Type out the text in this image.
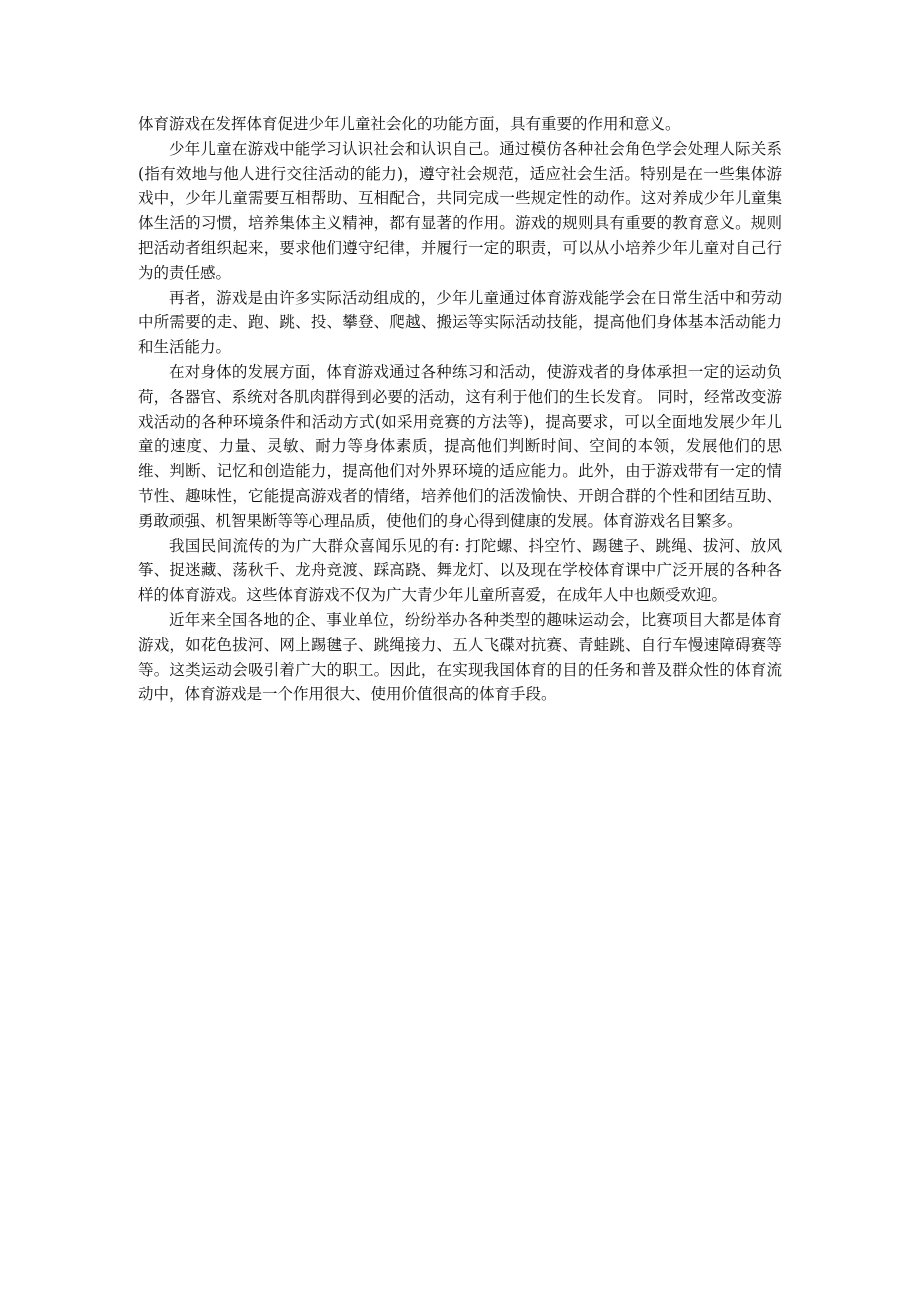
体育游戏在发挥体育促进少年儿童社会化的功能方面，具有重要的作用和意义。

少年儿童在游戏中能学习认识社会和认识自己。通过模仿各种社会角色学会处理人际关系(指有效地与他人进行交往活动的能力)，遵守社会规范，适应社会生活。特别是在一些集体游戏中，少年儿童需要互相帮助、互相配合，共同完成一些规定性的动作。这对养成少年儿童集体生活的习惯，培养集体主义精神，都有显著的作用。游戏的规则具有重要的教育意义。规则把活动者组织起来，要求他们遵守纪律，并履行一定的职责，可以从小培养少年儿童对自己行为的责任感。

再者，游戏是由许多实际活动组成的，少年儿童通过体育游戏能学会在日常生活中和劳动中所需要的走、跑、跳、投、攀登、爬越、搬运等实际活动技能，提高他们身体基本活动能力和生活能力。

在对身体的发展方面，体育游戏通过各种练习和活动，使游戏者的身体承担一定的运动负荷，各器官、系统对各肌肉群得到必要的活动，这有利于他们的生长发育。 同时，经常改变游戏活动的各种环境条件和活动方式(如采用竞赛的方法等)，提高要求，可以全面地发展少年儿童的速度、力量、灵敏、耐力等身体素质，提高他们判断时间、空间的本领，发展他们的思维、判断、记忆和创造能力，提高他们对外界环境的适应能力。此外，由于游戏带有一定的情节性、趣味性，它能提高游戏者的情绪，培养他们的活泼愉快、开朗合群的个性和团结互助、勇敢顽强、机智果断等等心理品质，使他们的身心得到健康的发展。体育游戏名目繁多。

我国民间流传的为广大群众喜闻乐见的有: 打陀螺、抖空竹、踢毽子、跳绳、拔河、放风筝、捉迷藏、荡秋千、龙舟竞渡、踩高跷、舞龙灯、以及现在学校体育课中广泛开展的各种各样的体育游戏。这些体育游戏不仅为广大青少年儿童所喜爱，在成年人中也颇受欢迎。

近年来全国各地的企、事业单位，纷纷举办各种类型的趣味运动会，比赛项目大都是体育游戏，如花色拔河、网上踢毽子、跳绳接力、五人飞碟对抗赛、青蛙跳、自行车慢速障碍赛等等。这类运动会吸引着广大的职工。因此，在实现我国体育的目的任务和普及群众性的体育流动中，体育游戏是一个作用很大、使用价值很高的体育手段。
